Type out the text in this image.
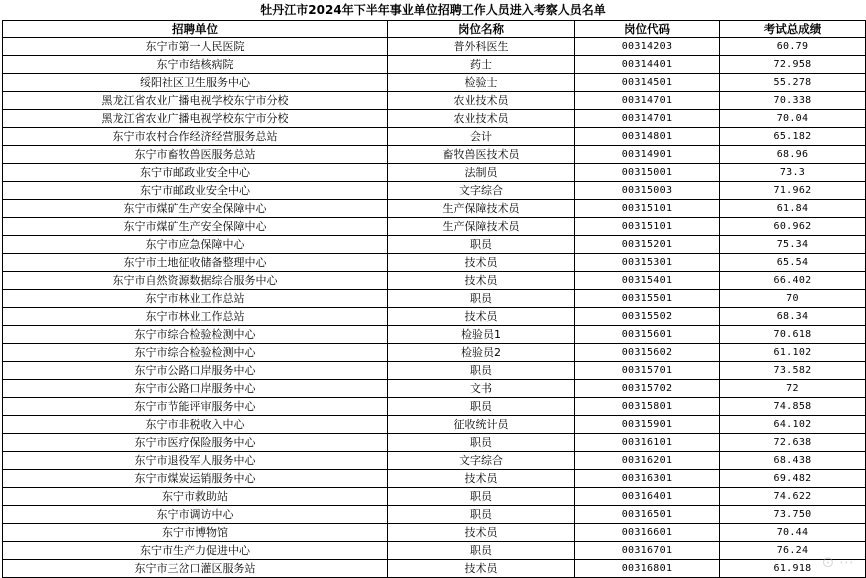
牡丹江市2024年下半年事业单位招聘工作人员进入考察人员名单
招聘单位	岗位名称	岗位代码	考试总成绩
东宁市第一人民医院	普外科医生	00314203	60.79
东宁市结核病院	药士	00314401	72.958
绥阳社区卫生服务中心	检验士	00314501	55.278
黑龙江省农业广播电视学校东宁市分校	农业技术员	00314701	70.338
黑龙江省农业广播电视学校东宁市分校	农业技术员	00314701	70.04
东宁市农村合作经济经营服务总站	会计	00314801	65.182
东宁市畜牧兽医服务总站	畜牧兽医技术员	00314901	68.96
东宁市邮政业安全中心	法制员	00315001	73.3
东宁市邮政业安全中心	文字综合	00315003	71.962
东宁市煤矿生产安全保障中心	生产保障技术员	00315101	61.84
东宁市煤矿生产安全保障中心	生产保障技术员	00315101	60.962
东宁市应急保障中心	职员	00315201	75.34
东宁市土地征收储备整理中心	技术员	00315301	65.54
东宁市自然资源数据综合服务中心	技术员	00315401	66.402
东宁市林业工作总站	职员	00315501	70
东宁市林业工作总站	技术员	00315502	68.34
东宁市综合检验检测中心	检验员1	00315601	70.618
东宁市综合检验检测中心	检验员2	00315602	61.102
东宁市公路口岸服务中心	职员	00315701	73.582
东宁市公路口岸服务中心	文书	00315702	72
东宁市节能评审服务中心	职员	00315801	74.858
东宁市非税收入中心	征收统计员	00315901	64.102
东宁市医疗保险服务中心	职员	00316101	72.638
东宁市退役军人服务中心	文字综合	00316201	68.438
东宁市煤炭运销服务中心	技术员	00316301	69.482
东宁市救助站	职员	00316401	74.622
东宁市调访中心	职员	00316501	73.750
东宁市博物馆	技术员	00316601	70.44
东宁市生产力促进中心	职员	00316701	76.24
东宁市三岔口灌区服务站	技术员	00316801	61.918 ⊙ ⋯
